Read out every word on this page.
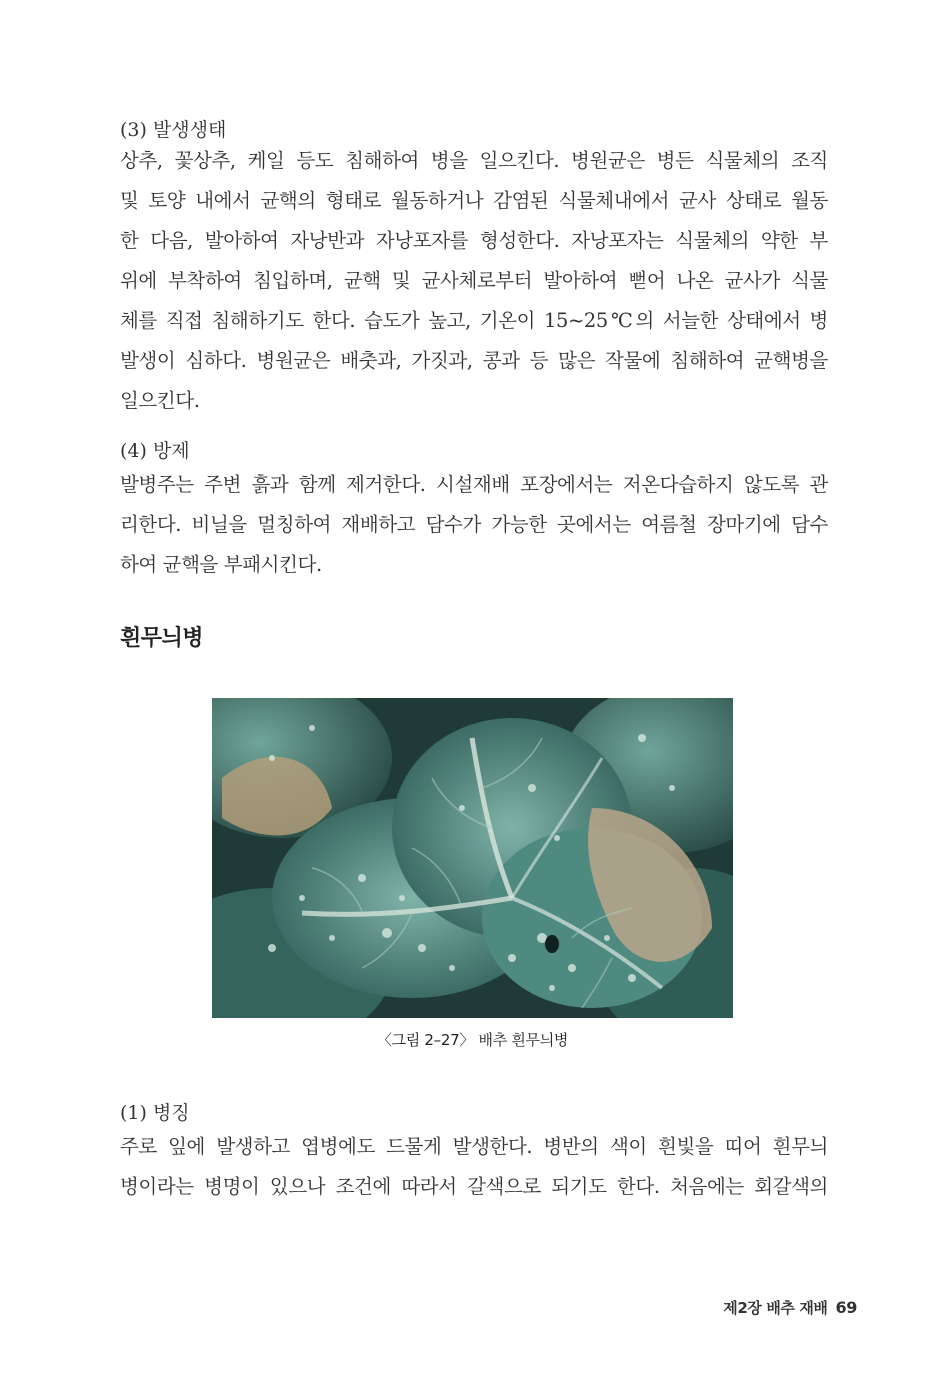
(3) 발생생태

상추, 꽃상추, 케일 등도 침해하여 병을 일으킨다. 병원균은 병든 식물체의 조직
및 토양 내에서 균핵의 형태로 월동하거나 감염된 식물체내에서 균사 상태로 월동
한 다음, 발아하여 자낭반과 자낭포자를 형성한다. 자낭포자는 식물체의 약한 부
위에 부착하여 침입하며, 균핵 및 균사체로부터 발아하여 뻗어 나온 균사가 식물
체를 직접 침해하기도 한다. 습도가 높고, 기온이 15~25℃의 서늘한 상태에서 병
발생이 심하다. 병원균은 배춧과, 가짓과, 콩과 등 많은 작물에 침해하여 균핵병을
일으킨다.

(4) 방제

발병주는 주변 흙과 함께 제거한다. 시설재배 포장에서는 저온다습하지 않도록 관
리한다. 비닐을 멀칭하여 재배하고 담수가 가능한 곳에서는 여름철 장마기에 담수
하여 균핵을 부패시킨다.

흰무늬병
〈그림 2–27〉 배추 흰무늬병
(1) 병징

주로 잎에 발생하고 엽병에도 드물게 발생한다. 병반의 색이 흰빛을 띠어 흰무늬
병이라는 병명이 있으나 조건에 따라서 갈색으로 되기도 한다. 처음에는 회갈색의

제2장 배추 재배 69
